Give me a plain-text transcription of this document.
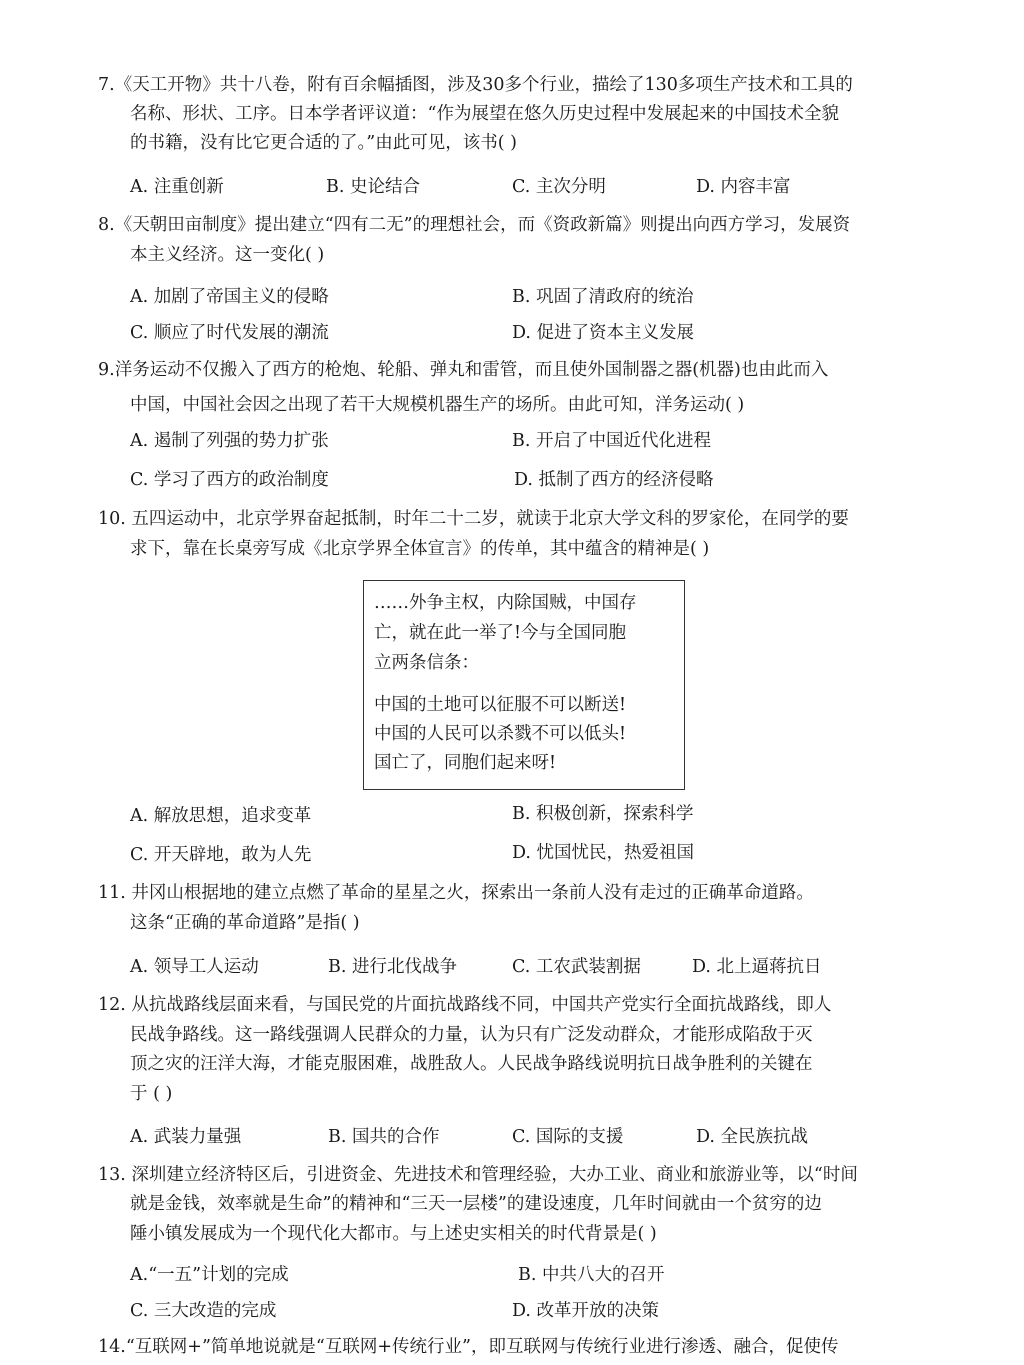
7.《天工开物》共十八卷，附有百余幅插图，涉及30多个行业，描绘了130多项生产技术和工具的
名称、形状、工序。日本学者评议道：“作为展望在悠久历史过程中发展起来的中国技术全貌
的书籍，没有比它更合适的了。”由此可见，该书( )
A. 注重创新	B. 史论结合	C. 主次分明	D. 内容丰富
8.《天朝田亩制度》提出建立“四有二无”的理想社会，而《资政新篇》则提出向西方学习，发展资
本主义经济。这一变化( )
A. 加剧了帝国主义的侵略	B. 巩固了清政府的统治
C. 顺应了时代发展的潮流	D. 促进了资本主义发展
9.洋务运动不仅搬入了西方的枪炮、轮船、弹丸和雷管，而且使外国制器之器(机器)也由此而入
中国，中国社会因之出现了若干大规模机器生产的场所。由此可知，洋务运动( )
A. 遏制了列强的势力扩张	B. 开启了中国近代化进程
C. 学习了西方的政治制度	D. 抵制了西方的经济侵略
10. 五四运动中，北京学界奋起抵制，时年二十二岁，就读于北京大学文科的罗家伦，在同学的要
求下，靠在长桌旁写成《北京学界全体宣言》的传单，其中蕴含的精神是( )
……外争主权，内除国贼，中国存
亡，就在此一举了!今与全国同胞
立两条信条：
中国的土地可以征服不可以断送!
中国的人民可以杀戮不可以低头!
国亡了，同胞们起来呀!
A. 解放思想，追求变革	B. 积极创新，探索科学
C. 开天辟地，敢为人先	D. 忧国忧民，热爱祖国
11. 井冈山根据地的建立点燃了革命的星星之火，探索出一条前人没有走过的正确革命道路。
这条“正确的革命道路”是指( )
A. 领导工人运动	B. 进行北伐战争	C. 工农武装割据	D. 北上逼蒋抗日
12. 从抗战路线层面来看，与国民党的片面抗战路线不同，中国共产党实行全面抗战路线，即人
民战争路线。这一路线强调人民群众的力量，认为只有广泛发动群众，才能形成陷敌于灭
顶之灾的汪洋大海，才能克服困难，战胜敌人。人民战争路线说明抗日战争胜利的关键在
于 ( )
A. 武装力量强	B. 国共的合作	C. 国际的支援	D. 全民族抗战
13. 深圳建立经济特区后，引进资金、先进技术和管理经验，大办工业、商业和旅游业等，以“时间
就是金钱，效率就是生命”的精神和“三天一层楼”的建设速度，几年时间就由一个贫穷的边
陲小镇发展成为一个现代化大都市。与上述史实相关的时代背景是( )
A.“一五”计划的完成	B. 中共八大的召开
C. 三大改造的完成	D. 改革开放的决策
14.“互联网+”简单地说就是“互联网+传统行业”，即互联网与传统行业进行渗透、融合，促使传
